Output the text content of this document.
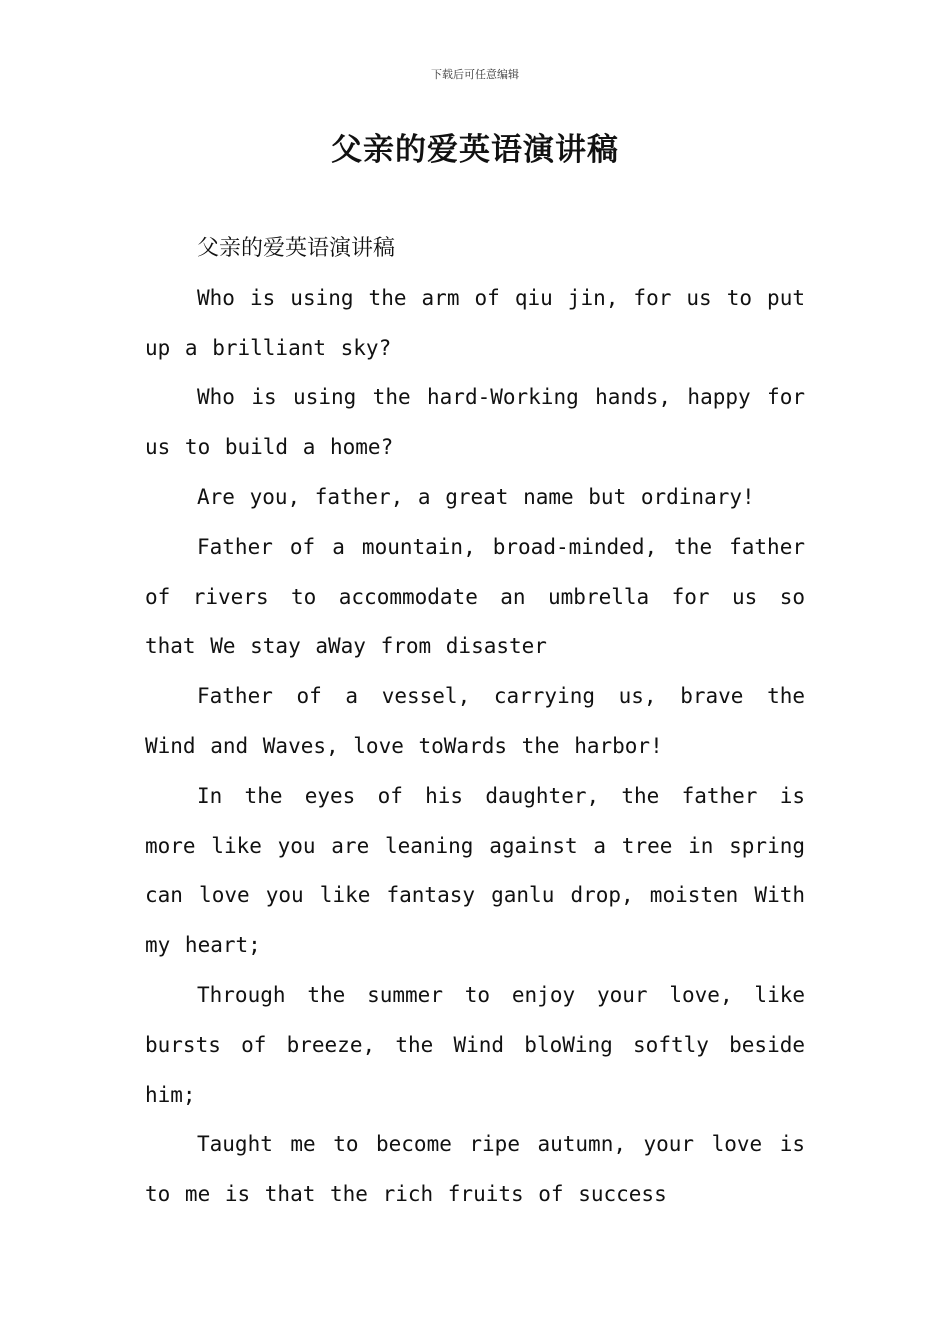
下载后可任意编辑
父亲的爱英语演讲稿

父亲的爱英语演讲稿

Who is using the arm of qiu jin, for us to put up a brilliant sky?

Who is using the hard-Working hands, happy for us to build a home?

Are you, father, a great name but ordinary!

Father of a mountain, broad-minded, the father of rivers to accommodate an umbrella for us so that We stay aWay from disaster

Father of a vessel, carrying us, brave the Wind and Waves, love toWards the harbor!

In the eyes of his daughter, the father is more like you are leaning against a tree in spring can love you like fantasy ganlu drop, moisten With my heart;

Through the summer to enjoy your love, like bursts of breeze, the Wind bloWing softly beside him;

Taught me to become ripe autumn, your love is to me is that the rich fruits of success
